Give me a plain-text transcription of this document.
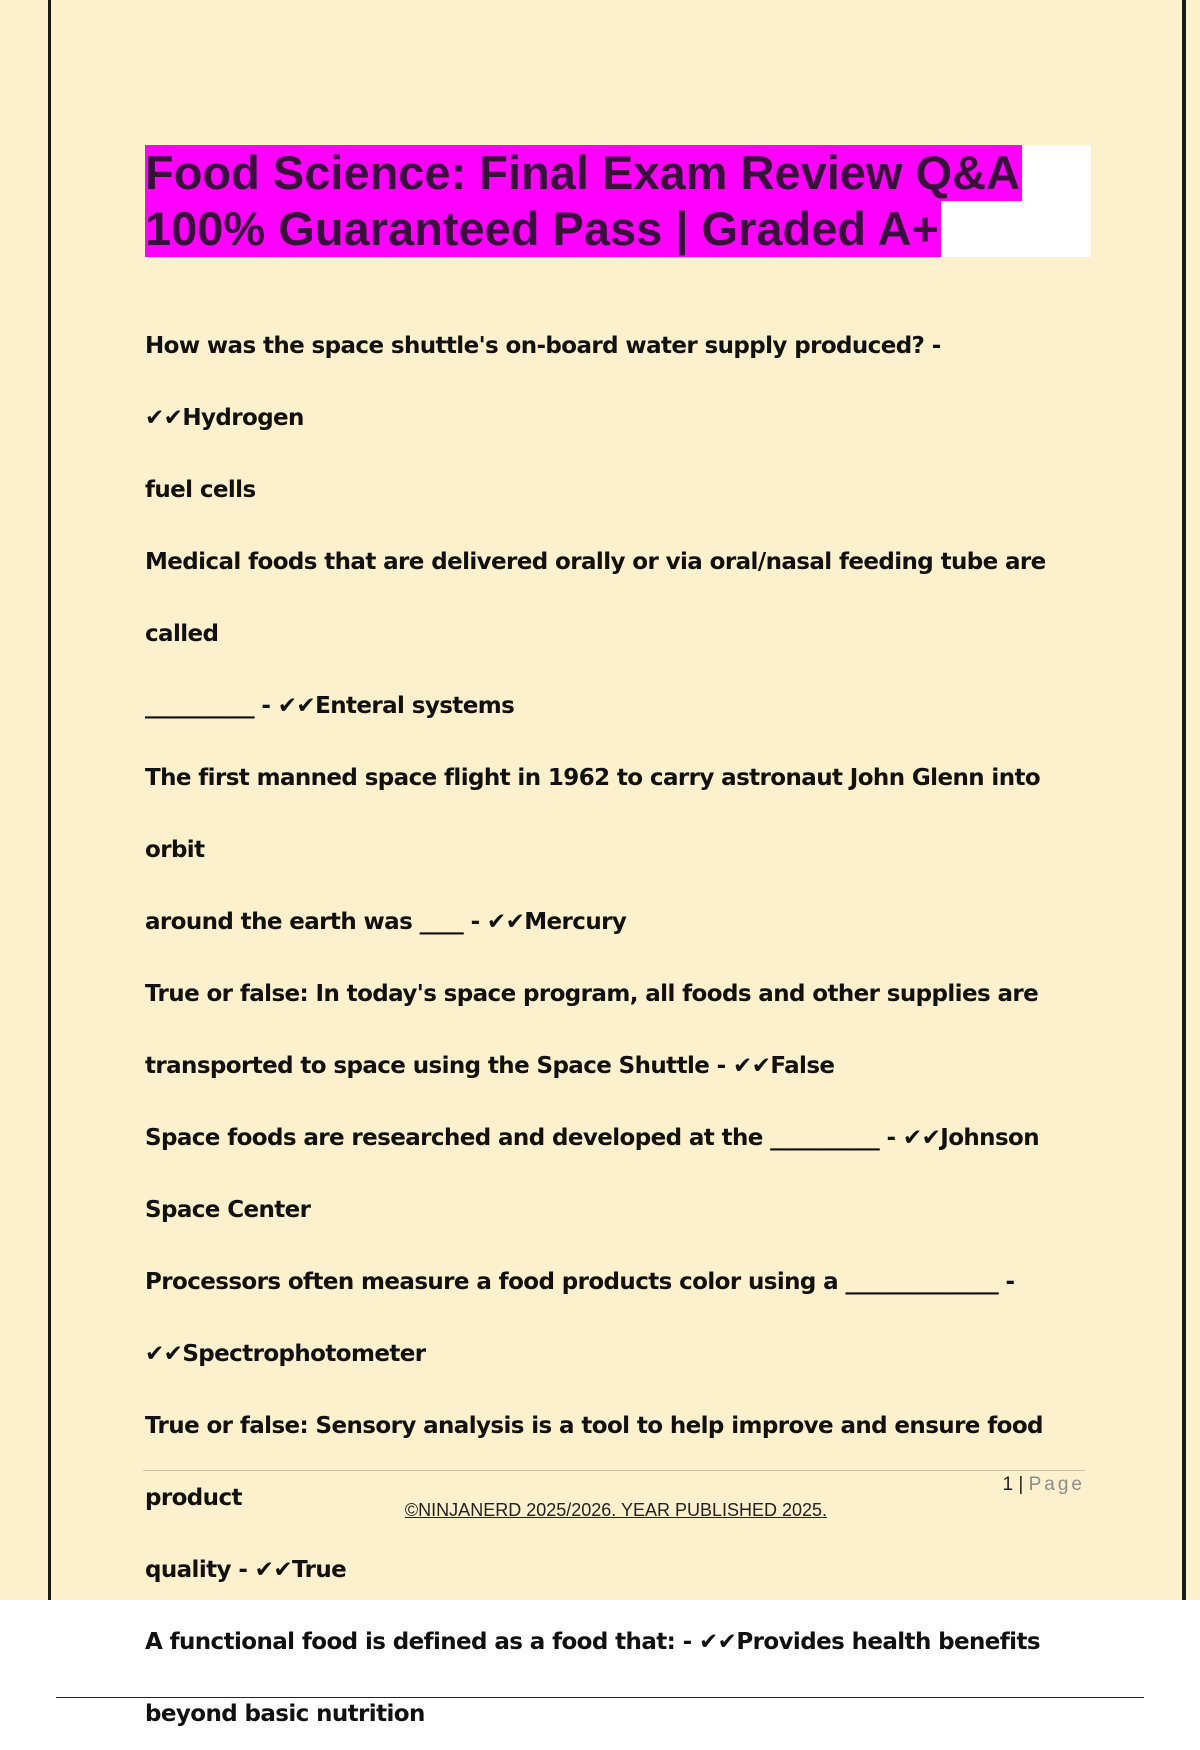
Food Science: Final Exam Review Q&A
100% Guaranteed Pass | Graded A+

How was the space shuttle's on-board water supply produced? - ✔✔Hydrogen

fuel cells

Medical foods that are delivered orally or via oral/nasal feeding tube are called

__________ - ✔✔Enteral systems

The first manned space flight in 1962 to carry astronaut John Glenn into orbit

around the earth was ____ - ✔✔Mercury

True or false: In today's space program, all foods and other supplies are

transported to space using the Space Shuttle - ✔✔False

Space foods are researched and developed at the __________ - ✔✔Johnson

Space Center

Processors often measure a food products color using a ______________ -

✔✔Spectrophotometer

True or false: Sensory analysis is a tool to help improve and ensure food product

quality - ✔✔True

A functional food is defined as a food that: - ✔✔Provides health benefits

beyond basic nutrition

1 | Page
©NINJANERD 2025/2026. YEAR PUBLISHED 2025.
